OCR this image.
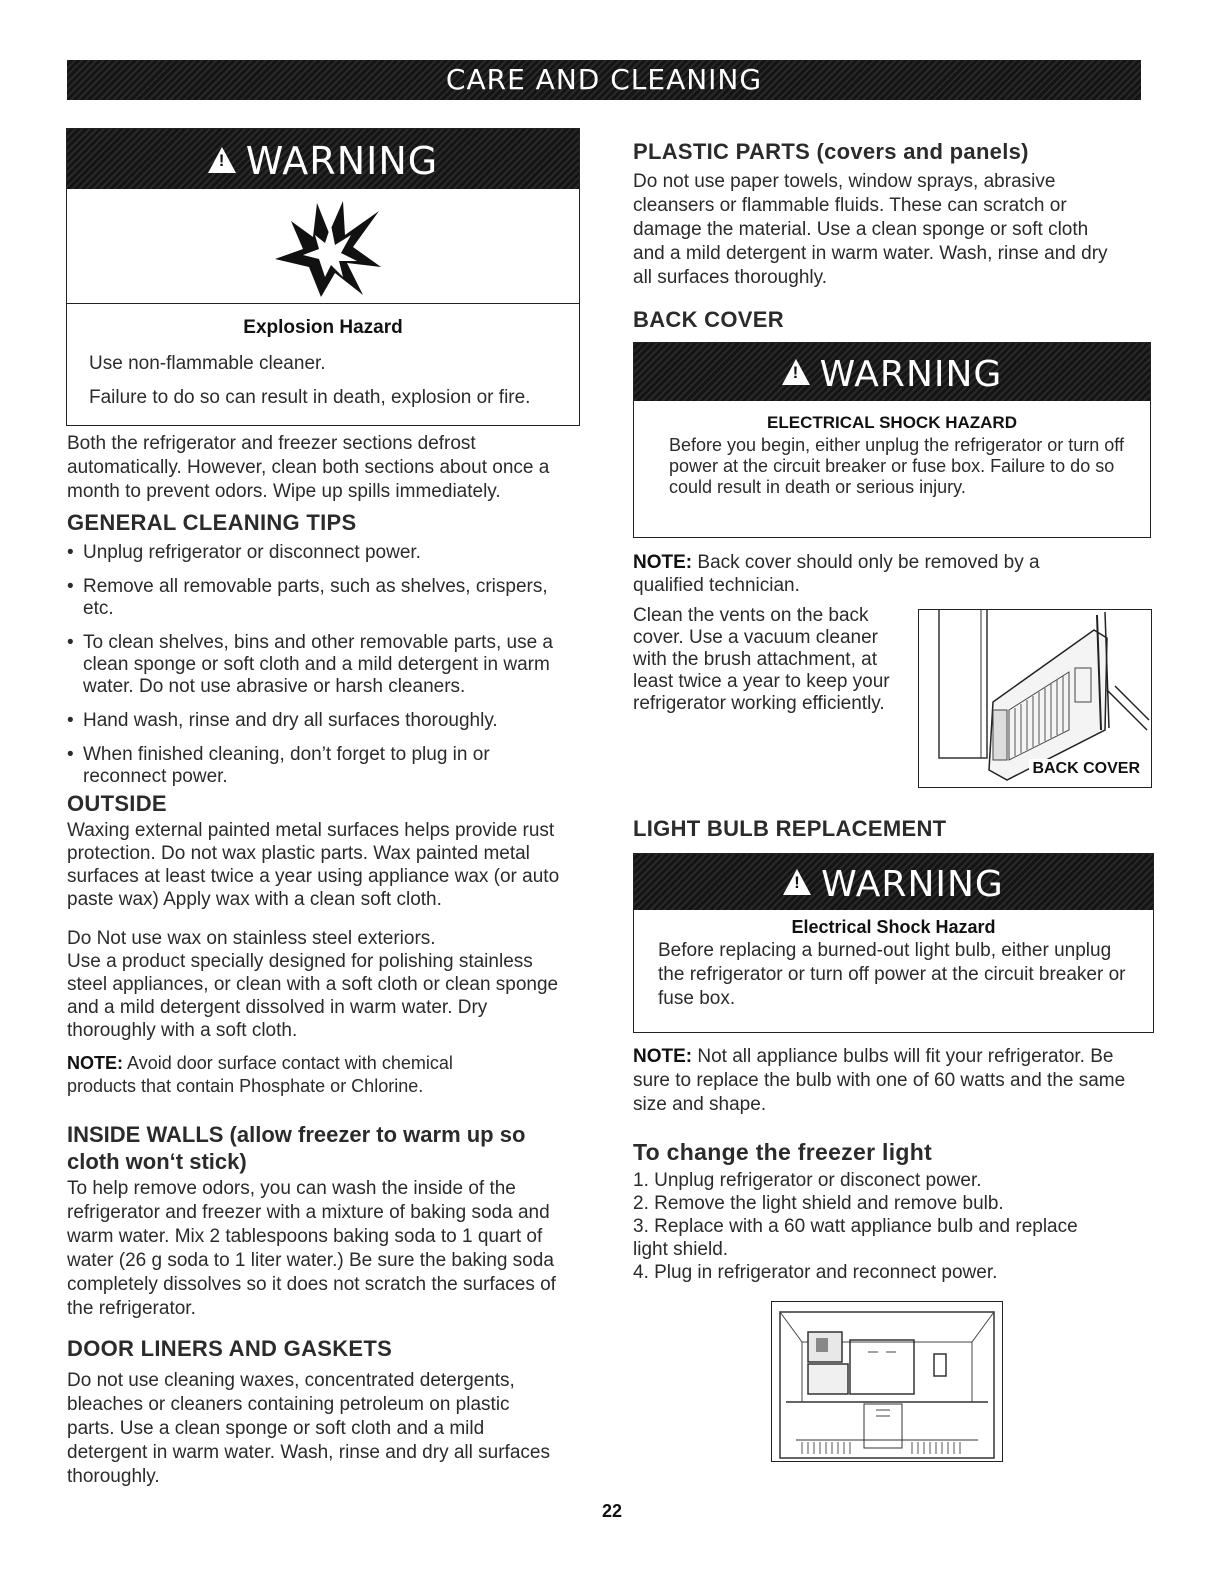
CARE AND CLEANING
!WARNING
Explosion Hazard
Use non-flammable cleaner.
Failure to do so can result in death, explosion or fire.
Both the refrigerator and freezer sections defrost automatically. However, clean both sections about once a month to prevent odors. Wipe up spills immediately.
GENERAL CLEANING TIPS
• Unplug refrigerator or disconnect power.
• Remove all removable parts, such as shelves, crispers, etc.
• To clean shelves, bins and other removable parts, use a clean sponge or soft cloth and a mild detergent in warm water. Do not use abrasive or harsh cleaners.
• Hand wash, rinse and dry all surfaces thoroughly.
• When finished cleaning, don’t forget to plug in or reconnect power.
OUTSIDE
Waxing external painted metal surfaces helps provide rust protection. Do not wax plastic parts. Wax painted metal surfaces at least twice a year using appliance wax (or auto paste wax) Apply wax with a clean soft cloth.
Do Not use wax on stainless steel exteriors.
Use a product specially designed for polishing stainless steel appliances, or clean with a soft cloth or clean sponge and a mild detergent dissolved in warm water. Dry thoroughly with a soft cloth.
NOTE: Avoid door surface contact with chemical products that contain Phosphate or Chlorine.
INSIDE WALLS (allow freezer to warm up so cloth won‘t stick)
To help remove odors, you can wash the inside of the refrigerator and freezer with a mixture of baking soda and warm water. Mix 2 tablespoons baking soda to 1 quart of water (26 g soda to 1 liter water.) Be sure the baking soda completely dissolves so it does not scratch the surfaces of the refrigerator.
DOOR LINERS AND GASKETS
Do not use cleaning waxes, concentrated detergents, bleaches or cleaners containing petroleum on plastic parts. Use a clean sponge or soft cloth and a mild detergent in warm water. Wash, rinse and dry all surfaces thoroughly.
PLASTIC PARTS (covers and panels)
Do not use paper towels, window sprays, abrasive cleansers or flammable fluids. These can scratch or damage the material. Use a clean sponge or soft cloth and a mild detergent in warm water. Wash, rinse and dry all surfaces thoroughly.
BACK COVER
!WARNING
ELECTRICAL SHOCK HAZARD
Before you begin, either unplug the refrigerator or turn off power at the circuit breaker or fuse box. Failure to do so could result in death or serious injury.
NOTE: Back cover should only be removed by a qualified technician.
Clean the vents on the back cover. Use a vacuum cleaner with the brush attachment, at least twice a year to keep your refrigerator working efficiently.
BACK COVER
LIGHT BULB REPLACEMENT
!WARNING
Electrical Shock Hazard
Before replacing a burned-out light bulb, either unplug the refrigerator or turn off power at the circuit breaker or fuse box.
NOTE: Not all appliance bulbs will fit your refrigerator. Be sure to replace the bulb with one of 60 watts and the same size and shape.
To change the freezer light
1. Unplug refrigerator or disconect power.
2. Remove the light shield and remove bulb.
3. Replace with a 60 watt appliance bulb and replace light shield.
4. Plug in refrigerator and reconnect power.
22
